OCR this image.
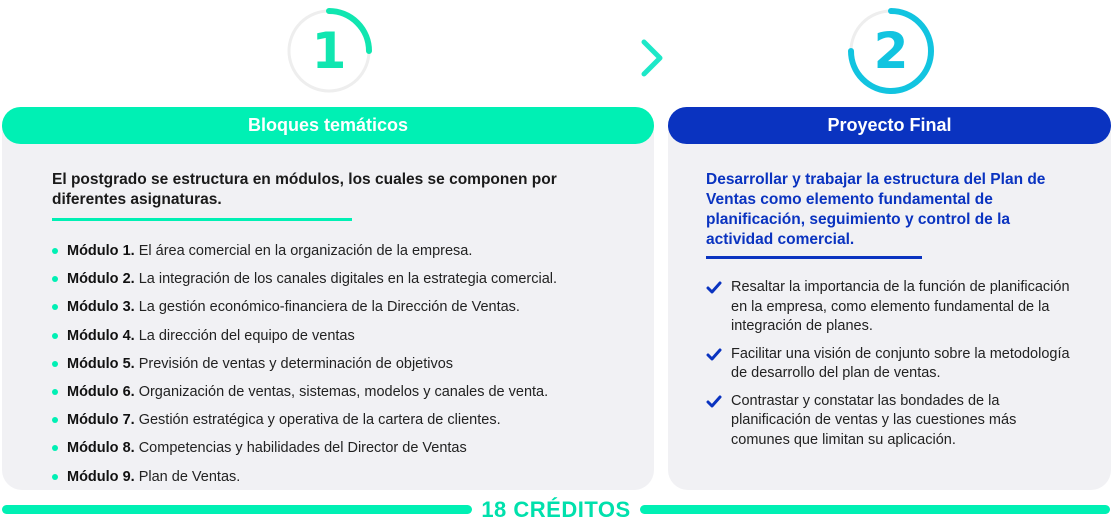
1	2
Bloques temáticos

El postgrado se estructura en módulos, los cuales se componen por diferentes asignaturas.

Módulo 1. El área comercial en la organización de la empresa.
Módulo 2. La integración de los canales digitales en la estrategia comercial.
Módulo 3. La gestión económico-financiera de la Dirección de Ventas.
Módulo 4. La dirección del equipo de ventas
Módulo 5. Previsión de ventas y determinación de objetivos
Módulo 6. Organización de ventas, sistemas, modelos y canales de venta.
Módulo 7. Gestión estratégica y operativa de la cartera de clientes.
Módulo 8. Competencias y habilidades del Director de Ventas
Módulo 9. Plan de Ventas.
Proyecto Final

Desarrollar y trabajar la estructura del Plan de Ventas como elemento fundamental de planificación, seguimiento y control de la actividad comercial.

Resaltar la importancia de la función de planificación en la empresa, como elemento fundamental de la integración de planes.
Facilitar una visión de conjunto sobre la metodología de desarrollo del plan de ventas.
Contrastar y constatar las bondades de la planificación de ventas y las cuestiones más comunes que limitan su aplicación.
18 CRÉDITOS
